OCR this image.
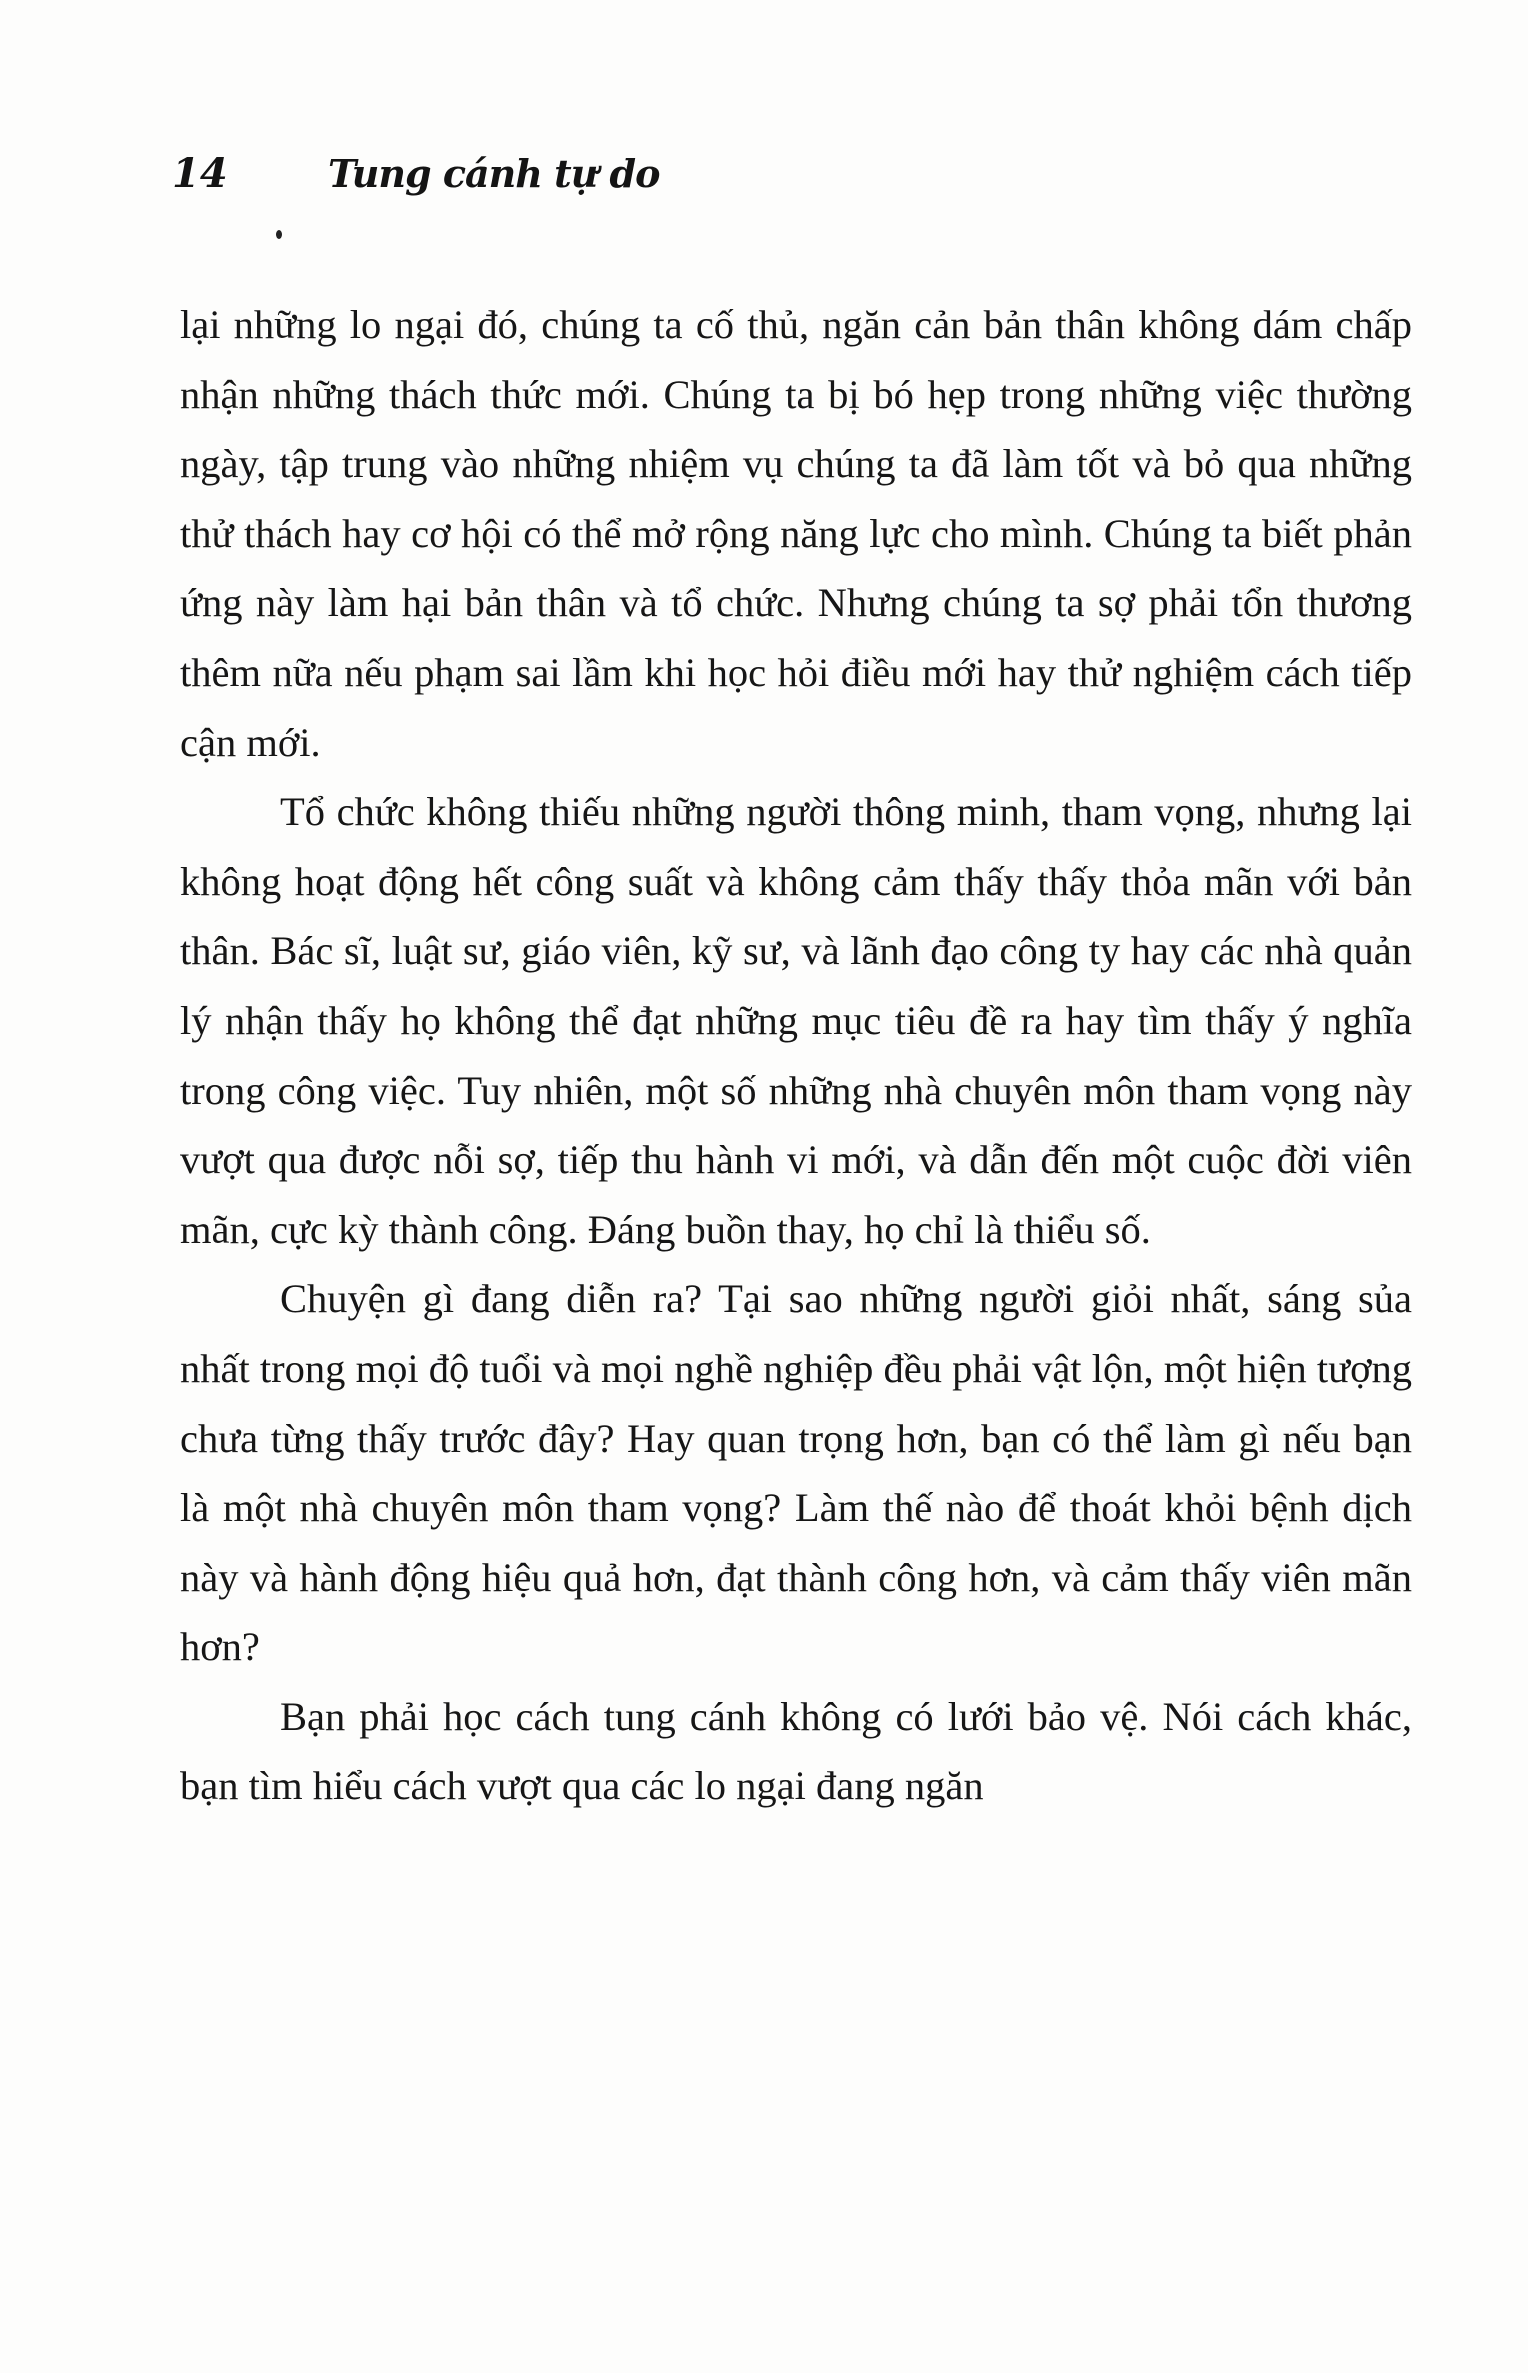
14	Tung cánh tự do

lại những lo ngại đó, chúng ta cố thủ, ngăn cản bản thân không dám chấp nhận những thách thức mới. Chúng ta bị bó hẹp trong những việc thường ngày, tập trung vào những nhiệm vụ chúng ta đã làm tốt và bỏ qua những thử thách hay cơ hội có thể mở rộng năng lực cho mình. Chúng ta biết phản ứng này làm hại bản thân và tổ chức. Nhưng chúng ta sợ phải tổn thương thêm nữa nếu phạm sai lầm khi học hỏi điều mới hay thử nghiệm cách tiếp cận mới.

Tổ chức không thiếu những người thông minh, tham vọng, nhưng lại không hoạt động hết công suất và không cảm thấy thấy thỏa mãn với bản thân. Bác sĩ, luật sư, giáo viên, kỹ sư, và lãnh đạo công ty hay các nhà quản lý nhận thấy họ không thể đạt những mục tiêu đề ra hay tìm thấy ý nghĩa trong công việc. Tuy nhiên, một số những nhà chuyên môn tham vọng này vượt qua được nỗi sợ, tiếp thu hành vi mới, và dẫn đến một cuộc đời viên mãn, cực kỳ thành công. Đáng buồn thay, họ chỉ là thiểu số.

Chuyện gì đang diễn ra? Tại sao những người giỏi nhất, sáng sủa nhất trong mọi độ tuổi và mọi nghề nghiệp đều phải vật lộn, một hiện tượng chưa từng thấy trước đây? Hay quan trọng hơn, bạn có thể làm gì nếu bạn là một nhà chuyên môn tham vọng? Làm thế nào để thoát khỏi bệnh dịch này và hành động hiệu quả hơn, đạt thành công hơn, và cảm thấy viên mãn hơn?

Bạn phải học cách tung cánh không có lưới bảo vệ. Nói cách khác, bạn tìm hiểu cách vượt qua các lo ngại đang ngăn
